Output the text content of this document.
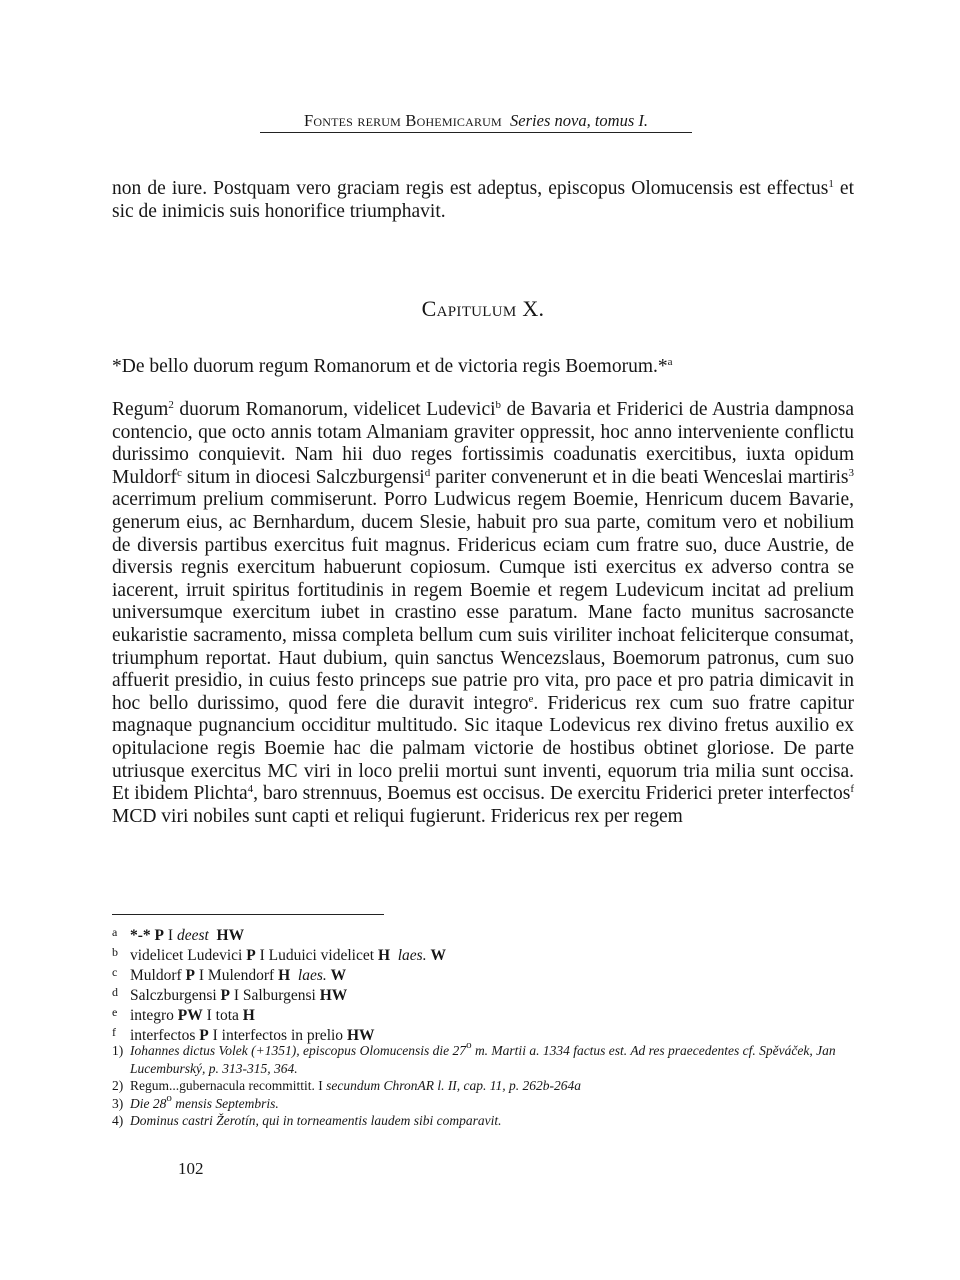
Fontes rerum Bohemicarum Series nova, tomus I.
non de iure. Postquam vero graciam regis est adeptus, episcopus Olomucensis est effectus$^1$ et sic de inimicis suis honorifice triumphavit.
Capitulum X.
*De bello duorum regum Romanorum et de victoria regis Boemorum.*$^a$
Regum$^2$ duorum Romanorum, videlicet Ludevici$^b$ de Bavaria et Friderici de Austria dampnosa contencio, que octo annis totam Almaniam graviter oppressit, hoc anno interveniente conflictu durissimo conquievit. Nam hii duo reges fortissimis coadunatis exercitibus, iuxta opidum Muldorf$^c$ situm in diocesi Salczburgensi$^d$ pariter convenerunt et in die beati Wenceslai martiris$^3$ acerrimum prelium commiserunt. Porro Ludwicus regem Boemie, Henricum ducem Bavarie, generum eius, ac Bernhardum, ducem Slesie, habuit pro sua parte, comitum vero et nobilium de diversis partibus exercitus fuit magnus. Fridericus eciam cum fratre suo, duce Austrie, de diversis regnis exercitum habuerunt copiosum. Cumque isti exercitus ex adverso contra se iacerent, irruit spiritus fortitudinis in regem Boemie et regem Ludevicum incitat ad prelium universumque exercitum iubet in crastino esse paratum. Mane facto munitus sacrosancte eukaristie sacramento, missa completa bellum cum suis viriliter inchoat feliciterque consumat, triumphum reportat. Haut dubium, quin sanctus Wencezslaus, Boemorum patronus, cum suo affuerit presidio, in cuius festo princeps sue patrie pro vita, pro pace et pro patria dimicavit in hoc bello durissimo, quod fere die duravit integro$^e$. Fridericus rex cum suo fratre capitur magnaque pugnancium occiditur multitudo. Sic itaque Lodevicus rex divino fretus auxilio ex opitulacione regis Boemie hac die palmam victorie de hostibus obtinet gloriose. De parte utriusque exercitus MC viri in loco prelii mortui sunt inventi, equorum tria milia sunt occisa. Et ibidem Plichta$^4$, baro strennuus, Boemus est occisus. De exercitu Friderici preter interfectos$^f$ MCD viri nobiles sunt capti et reliqui fugierunt. Fridericus rex per regem
a *-* P I deest HW
b videlicet Ludevici P I Luduici videlicet H laes. W
c Muldorf P I Mulendorf H laes. W
d Salczburgensi P I Salburgensi HW
e integro PW I tota H
f interfectos P I interfectos in prelio HW
1) Iohannes dictus Volek (+1351), episcopus Olomucensis die 27$^o$ m. Martii a. 1334 factus est. Ad res praecedentes cf. Spěváček, Jan Lucemburský, p. 313-315, 364.
2) Regum...gubernacula recommittit. I secundum ChronAR l. II, cap. 11, p. 262b-264a
3) Die 28$^o$ mensis Septembris.
4) Dominus castri Žerotín, qui in torneamentis laudem sibi comparavit.
102
